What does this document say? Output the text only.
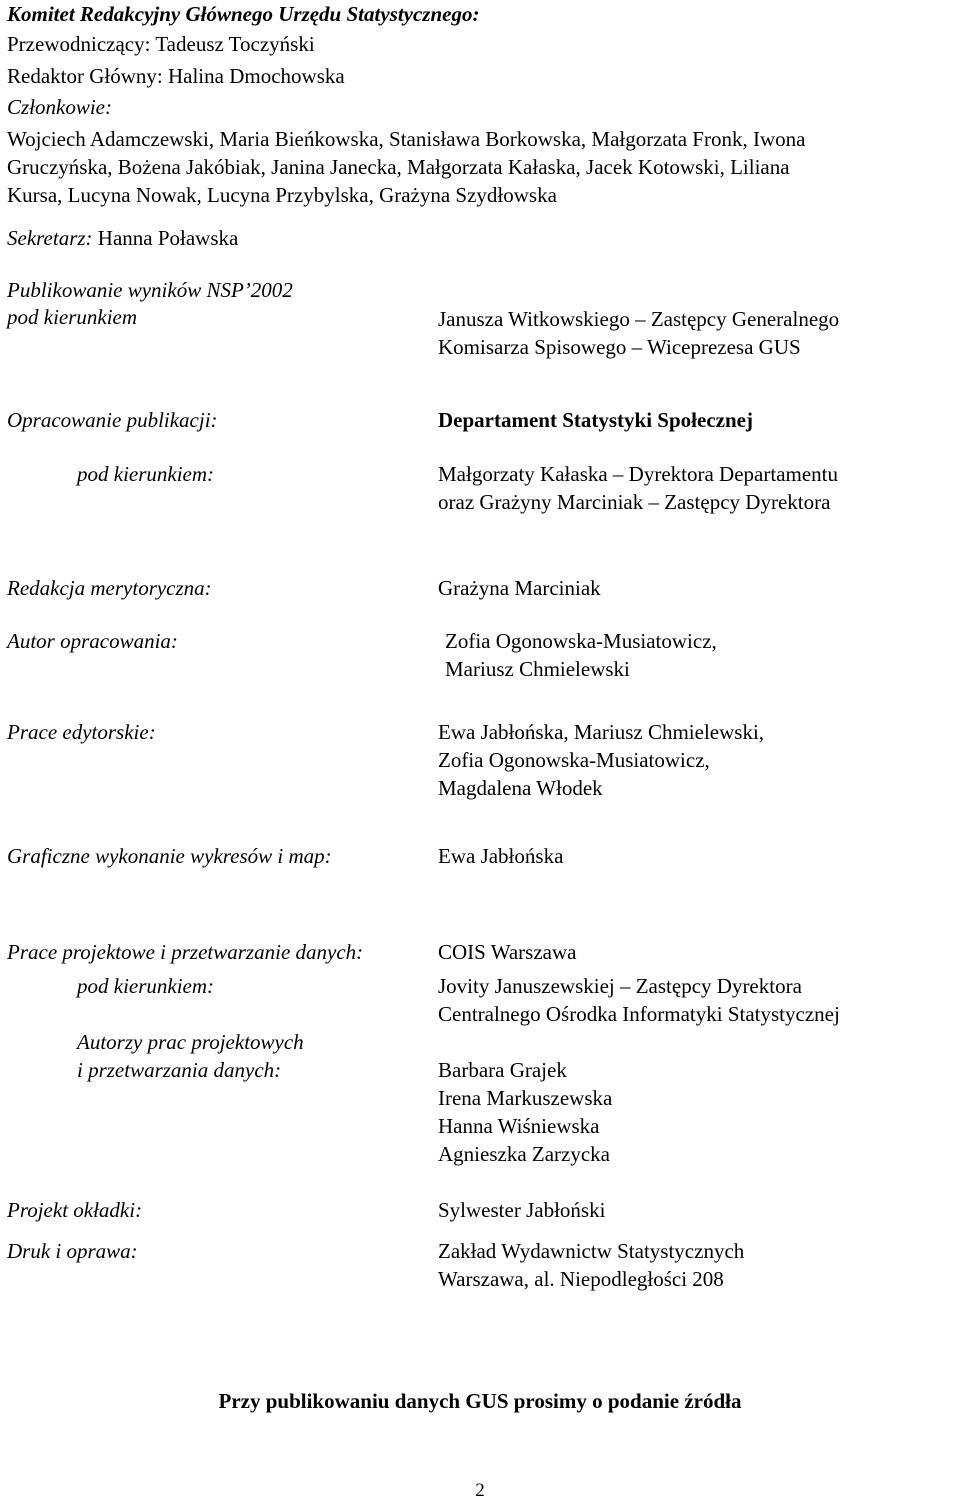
Komitet Redakcyjny Głównego Urzędu Statystycznego:
Przewodniczący: Tadeusz Toczyński
Redaktor Główny: Halina Dmochowska
Członkowie:
Wojciech Adamczewski, Maria Bieńkowska, Stanisława Borkowska, Małgorzata Fronk, Iwona
Gruczyńska, Bożena Jakóbiak, Janina Janecka, Małgorzata Kałaska, Jacek Kotowski, Liliana
Kursa, Lucyna Nowak, Lucyna Przybylska, Grażyna Szydłowska
Sekretarz: Hanna Poławska
Publikowanie wyników NSP’2002
pod kierunkiem	Janusza Witkowskiego – Zastępcy Generalnego
Komisarza Spisowego – Wiceprezesa GUS
Opracowanie publikacji:	Departament Statystyki Społecznej
pod kierunkiem:	Małgorzaty Kałaska – Dyrektora Departamentu
oraz Grażyny Marciniak – Zastępcy Dyrektora
Redakcja merytoryczna:	Grażyna Marciniak
Autor opracowania:	Zofia Ogonowska-Musiatowicz,
Mariusz Chmielewski
Prace edytorskie:	Ewa Jabłońska, Mariusz Chmielewski,
Zofia Ogonowska-Musiatowicz,
Magdalena Włodek
Graficzne wykonanie wykresów i map:	Ewa Jabłońska
Prace projektowe i przetwarzanie danych:	COIS Warszawa
pod kierunkiem:	Jovity Januszewskiej – Zastępcy Dyrektora
Centralnego Ośrodka Informatyki Statystycznej
Autorzy prac projektowych
i przetwarzania danych:	Barbara Grajek
Irena Markuszewska
Hanna Wiśniewska
Agnieszka Zarzycka
Projekt okładki:	Sylwester Jabłoński
Druk i oprawa:	Zakład Wydawnictw Statystycznych
Warszawa, al. Niepodległości 208
Przy publikowaniu danych GUS prosimy o podanie źródła
2
